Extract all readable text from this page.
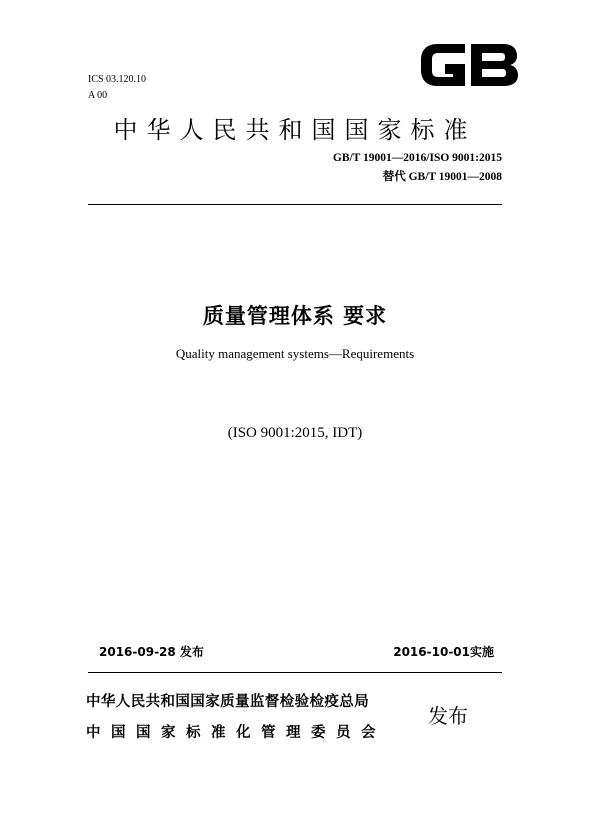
ICS 03.120.10
A 00
中华人民共和国国家标准
GB/T 19001—2016/ISO 9001:2015
替代 GB/T 19001—2008
质量管理体系 要求
Quality management systems—Requirements
(ISO 9001:2015, IDT)
2016-09-28 发布	2016-10-01实施
中华人民共和国国家质量监督检验检疫总局
中国国家标准化管理委员会
发布
